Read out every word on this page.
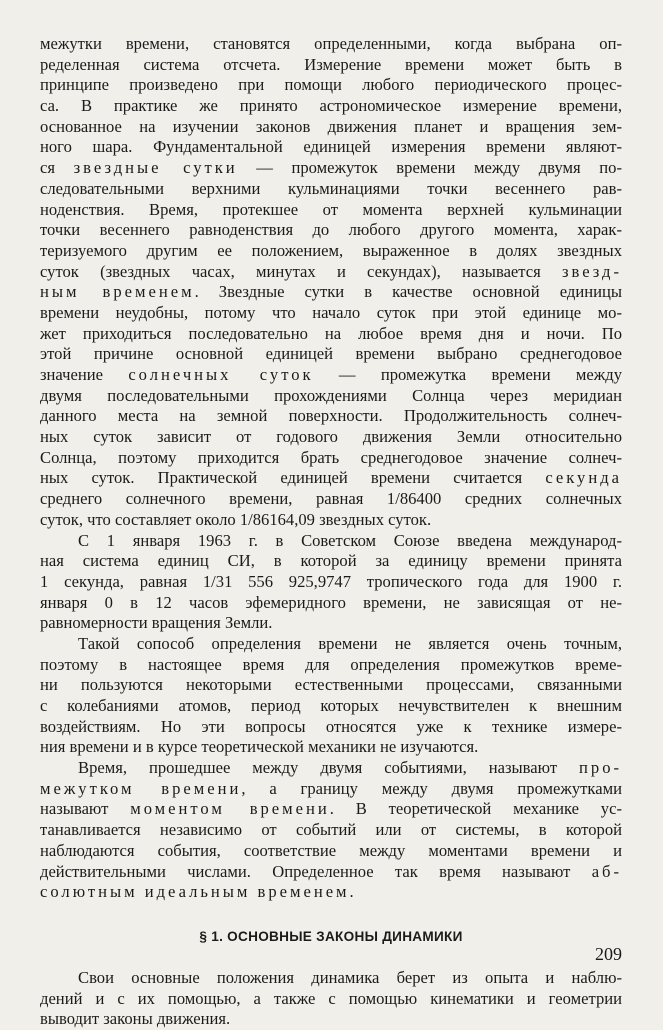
межутки времени, становятся определенными, когда выбрана оп-
ределенная система отсчета. Измерение времени может быть в
принципе произведено при помощи любого периодического процес-
са. В практике же принято астрономическое измерение времени,
основанное на изучении законов движения планет и вращения зем-
ного шара. Фундаментальной единицей измерения времени являют-
ся звездные сутки — промежуток времени между двумя по-
следовательными верхними кульминациями точки весеннего рав-
ноденствия. Время, протекшее от момента верхней кульминации
точки весеннего равноденствия до любого другого момента, харак-
теризуемого другим ее положением, выраженное в долях звездных
суток (звездных часах, минутах и секундах), называется звезд-
ным временем. Звездные сутки в качестве основной единицы
времени неудобны, потому что начало суток при этой единице мо-
жет приходиться последовательно на любое время дня и ночи. По
этой причине основной единицей времени выбрано среднегодовое
значение солнечных суток — промежутка времени между
двумя последовательными прохождениями Солнца через меридиан
данного места на земной поверхности. Продолжительность солнеч-
ных суток зависит от годового движения Земли относительно
Солнца, поэтому приходится брать среднегодовое значение солнеч-
ных суток. Практической единицей времени считается секунда
среднего солнечного времени, равная 1/86400 средних солнечных
суток, что составляет около 1/86164,09 звездных суток.
С 1 января 1963 г. в Советском Союзе введена международ-
ная система единиц СИ, в которой за единицу времени принята
1 секунда, равная 1/31 556 925,9747 тропического года для 1900 г.
января 0 в 12 часов эфемеридного времени, не зависящая от не-
равномерности вращения Земли.
Такой сопособ определения времени не является очень точным,
поэтому в настоящее время для определения промежутков време-
ни пользуются некоторыми естественными процессами, связанными
с колебаниями атомов, период которых нечувствителен к внешним
воздействиям. Но эти вопросы относятся уже к технике измере-
ния времени и в курсе теоретической механики не изучаются.
Время, прошедшее между двумя событиями, называют про-
межутком времени, а границу между двумя промежутками
называют моментом времени. В теоретической механике ус-
танавливается независимо от событий или от системы, в которой
наблюдаются события, соответствие между моментами времени и
действительными числами. Определенное так время называют аб-
солютным идеальным временем.
§ 1. ОСНОВНЫЕ ЗАКОНЫ ДИНАМИКИ
Свои основные положения динамика берет из опыта и наблю-
дений и с их помощью, а также с помощью кинематики и геометрии
выводит законы движения.
209
